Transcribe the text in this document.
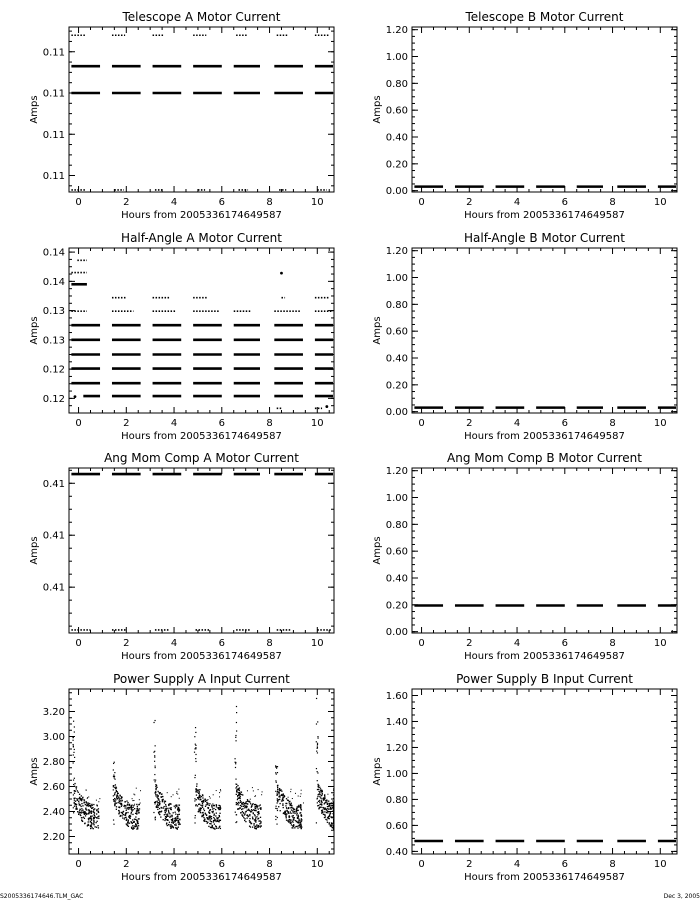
Telescope A Motor Current
Hours from 2005336174649587
Amps
0	2	4	6	8	10
0.11
0.11
0.11
0.11
Telescope B Motor Current
Hours from 2005336174649587
Amps
0	2	4	6	8	10
0.00
0.20
0.40
0.60
0.80
1.00
1.20
Half-Angle A Motor Current
Hours from 2005336174649587
Amps
0	2	4	6	8	10
0.12
0.12
0.13
0.13
0.14
0.14
Half-Angle B Motor Current
Hours from 2005336174649587
Amps
0	2	4	6	8	10
0.00
0.20
0.40
0.60
0.80
1.00
1.20
Ang Mom Comp A Motor Current
Hours from 2005336174649587
Amps
0	2	4	6	8	10
0.41
0.41
0.41
Ang Mom Comp B Motor Current
Hours from 2005336174649587
Amps
0	2	4	6	8	10
0.00
0.20
0.40
0.60
0.80
1.00
1.20
Power Supply A Input Current
Hours from 2005336174649587
Amps
0	2	4	6	8	10
2.20
2.40
2.60
2.80
3.00
3.20
Power Supply B Input Current
Hours from 2005336174649587
Amps
0	2	4	6	8	10
0.40
0.60
0.80
1.00
1.20
1.40
1.60
S2005336174646.TLM_GAC	Dec 3, 2005
